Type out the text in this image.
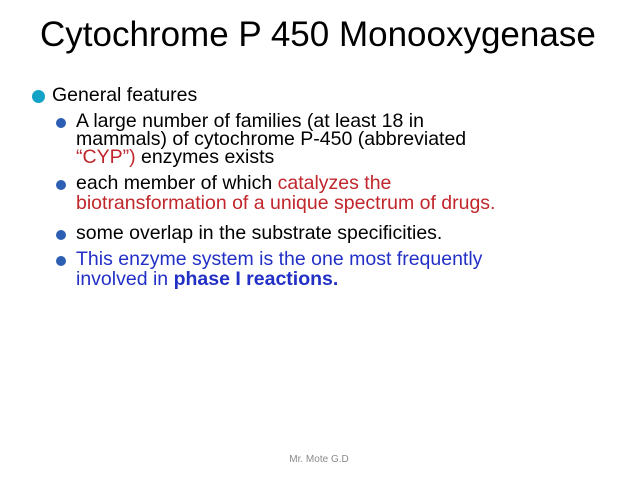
Cytochrome P 450 Monooxygenase
General features
A large number of families (at least 18 in
mammals) of cytochrome P-450 (abbreviated
“CYP”) enzymes exists
each member of which catalyzes the
biotransformation of a unique spectrum of drugs.
some overlap in the substrate specificities.
This enzyme system is the one most frequently
involved in phase I reactions.
Mr. Mote G.D
